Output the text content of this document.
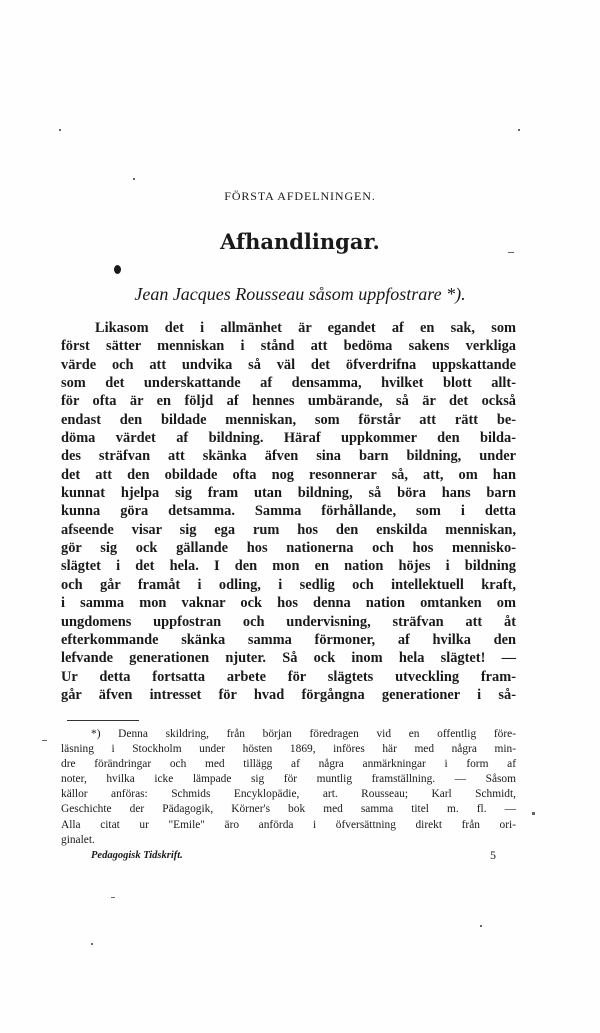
FÖRSTA AFDELNINGEN.
Afhandlingar.
Jean Jacques Rousseau såsom uppfostrare *).
Likasom det i allmänhet är egandet af en sak, som
först sätter menniskan i stånd att bedöma sakens verkliga
värde och att undvika så väl det öfverdrifna uppskattande
som det underskattande af densamma, hvilket blott allt-
för ofta är en följd af hennes umbärande, så är det också
endast den bildade menniskan, som förstår att rätt be-
döma värdet af bildning. Häraf uppkommer den bilda-
des sträfvan att skänka äfven sina barn bildning, under
det att den obildade ofta nog resonnerar så, att, om han
kunnat hjelpa sig fram utan bildning, så böra hans barn
kunna göra detsamma. Samma förhållande, som i detta
afseende visar sig ega rum hos den enskilda menniskan,
gör sig ock gällande hos nationerna och hos mennisko-
slägtet i det hela. I den mon en nation höjes i bildning
och går framåt i odling, i sedlig och intellektuell kraft,
i samma mon vaknar ock hos denna nation omtanken om
ungdomens uppfostran och undervisning, sträfvan att åt
efterkommande skänka samma förmoner, af hvilka den
lefvande generationen njuter. Så ock inom hela slägtet! —
Ur detta fortsatta arbete för slägtets utveckling fram-
går äfven intresset för hvad förgångna generationer i så-
*) Denna skildring, från början föredragen vid en offentlig före-
läsning i Stockholm under hösten 1869, införes här med några min-
dre förändringar och med tillägg af några anmärkningar i form af
noter, hvilka icke lämpade sig för muntlig framställning. — Såsom
källor anföras: Schmids Encyklopädie, art. Rousseau; Karl Schmidt,
Geschichte der Pädagogik, Körner's bok med samma titel m. fl. —
Alla citat ur "Emile" äro anförda i öfversättning direkt från ori-
ginalet.
Pedagogisk Tidskrift.	5
